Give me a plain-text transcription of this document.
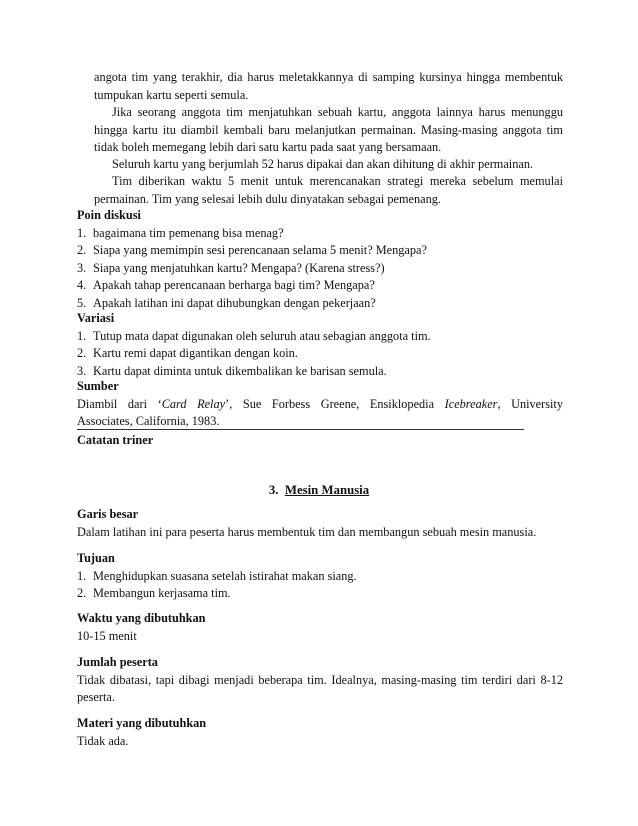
angota tim yang terakhir, dia harus meletakkannya di samping kursinya hingga membentuk tumpukan kartu seperti semula.
Jika seorang anggota tim menjatuhkan sebuah kartu, anggota lainnya harus menunggu hingga kartu itu diambil kembali baru melanjutkan permainan. Masing-masing anggota tim tidak boleh memegang lebih dari satu kartu pada saat yang bersamaan.
Seluruh kartu yang berjumlah 52 harus dipakai dan akan dihitung di akhir permainan.
Tim diberikan waktu 5 menit untuk merencanakan strategi mereka sebelum memulai permainan. Tim yang selesai lebih dulu dinyatakan sebagai pemenang.
Poin diskusi
1. bagaimana tim pemenang bisa menag?
2. Siapa yang memimpin sesi perencanaan selama 5 menit? Mengapa?
3. Siapa yang menjatuhkan kartu? Mengapa? (Karena stress?)
4. Apakah tahap perencanaan berharga bagi tim? Mengapa?
5. Apakah latihan ini dapat dihubungkan dengan pekerjaan?
Variasi
1. Tutup mata dapat digunakan oleh seluruh atau sebagian anggota tim.
2. Kartu remi dapat digantikan dengan koin.
3. Kartu dapat diminta untuk dikembalikan ke barisan semula.
Sumber
Diambil dari ‘Card Relay’, Sue Forbess Greene, Ensiklopedia Icebreaker, University
Associates, California, 1983.
Catatan triner
3. Mesin Manusia
Garis besar
Dalam latihan ini para peserta harus membentuk tim dan membangun sebuah mesin manusia.
Tujuan
1. Menghidupkan suasana setelah istirahat makan siang.
2. Membangun kerjasama tim.
Waktu yang dibutuhkan
10-15 menit
Jumlah peserta
Tidak dibatasi, tapi dibagi menjadi beberapa tim. Idealnya, masing-masing tim terdiri dari 8-12 peserta.
Materi yang dibutuhkan
Tidak ada.
